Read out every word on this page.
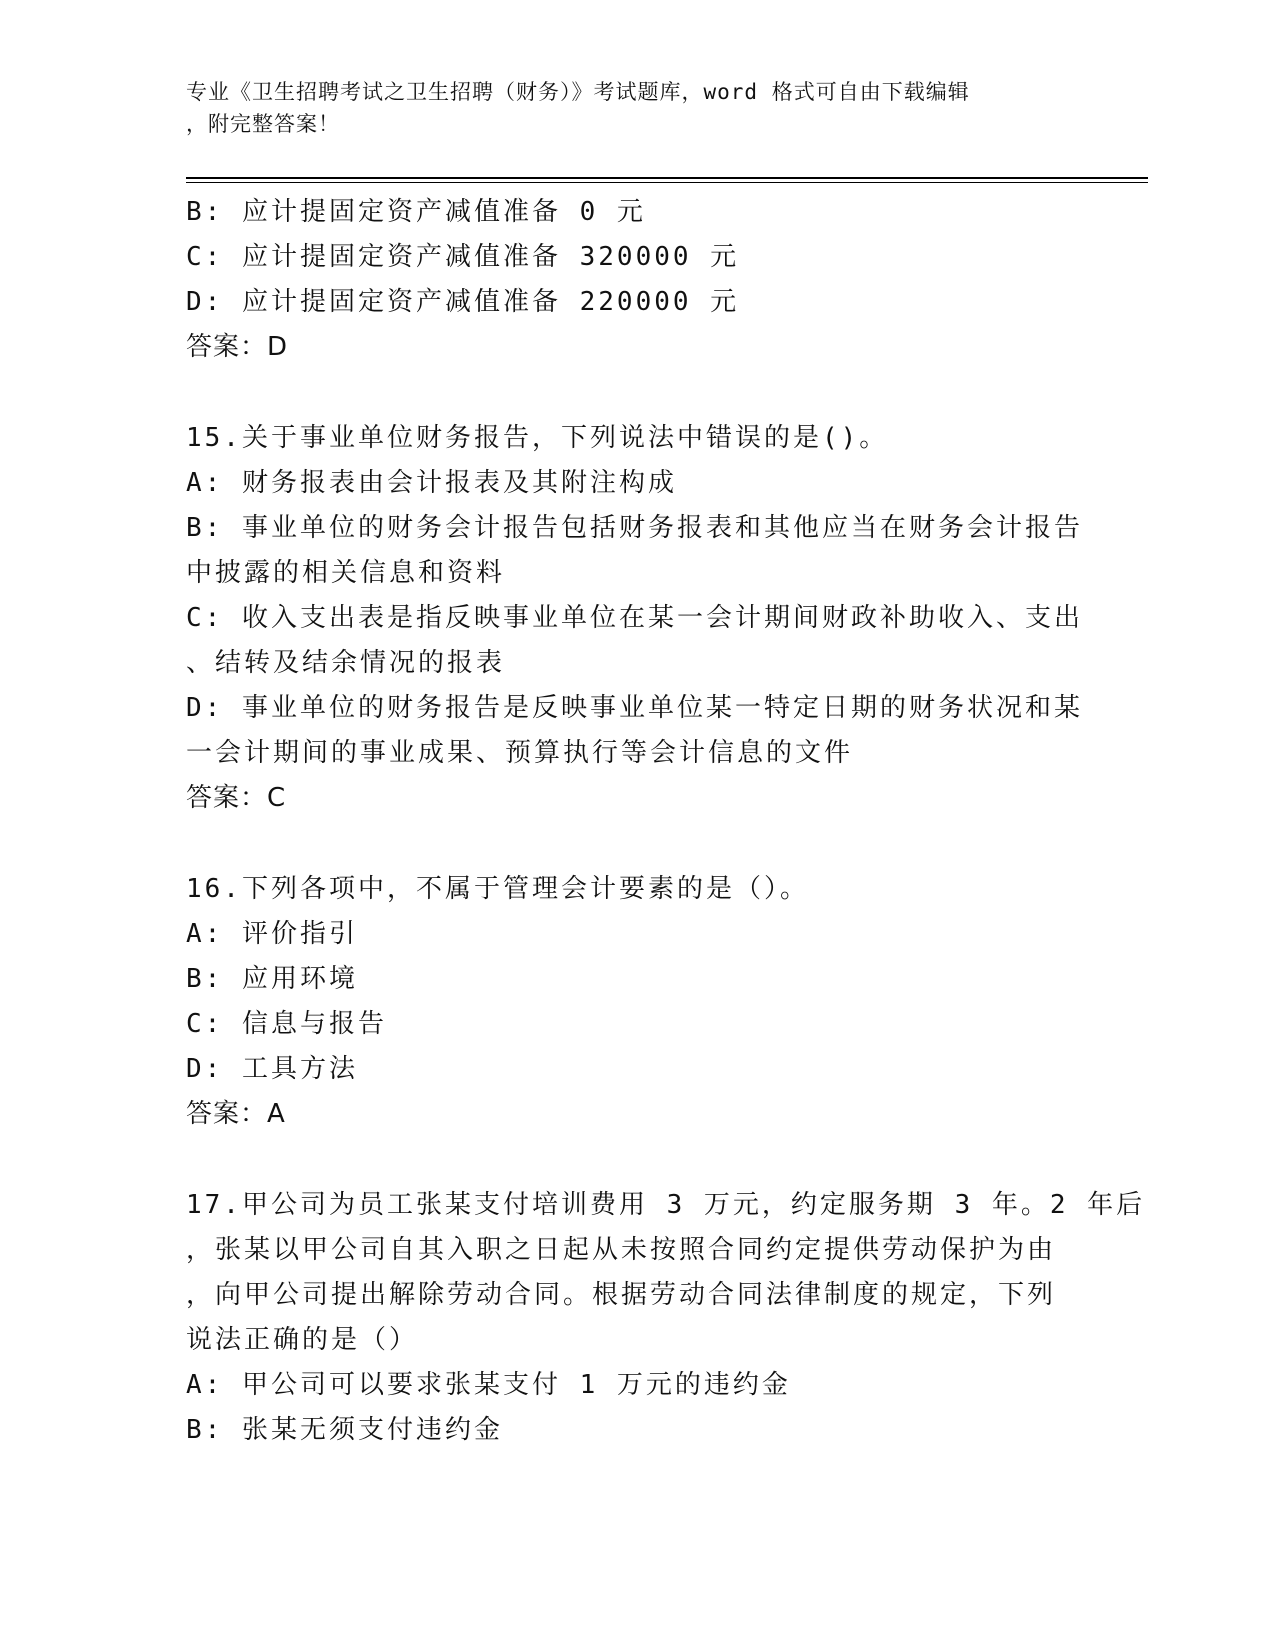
专业《卫生招聘考试之卫生招聘（财务）》考试题库，word 格式可自由下载编辑
，附完整答案！
B: 应计提固定资产减值准备 0 元
C: 应计提固定资产减值准备 320000 元
D: 应计提固定资产减值准备 220000 元
答案：D
15.关于事业单位财务报告，下列说法中错误的是()。
A: 财务报表由会计报表及其附注构成
B: 事业单位的财务会计报告包括财务报表和其他应当在财务会计报告
中披露的相关信息和资料
C: 收入支出表是指反映事业单位在某一会计期间财政补助收入、支出
、结转及结余情况的报表
D: 事业单位的财务报告是反映事业单位某一特定日期的财务状况和某
一会计期间的事业成果、预算执行等会计信息的文件
答案：C
16.下列各项中，不属于管理会计要素的是（）。
A: 评价指引
B: 应用环境
C: 信息与报告
D: 工具方法
答案：A
17.甲公司为员工张某支付培训费用 3 万元，约定服务期 3 年。2 年后
，张某以甲公司自其入职之日起从未按照合同约定提供劳动保护为由
，向甲公司提出解除劳动合同。根据劳动合同法律制度的规定，下列
说法正确的是（）
A: 甲公司可以要求张某支付 1 万元的违约金
B: 张某无须支付违约金
